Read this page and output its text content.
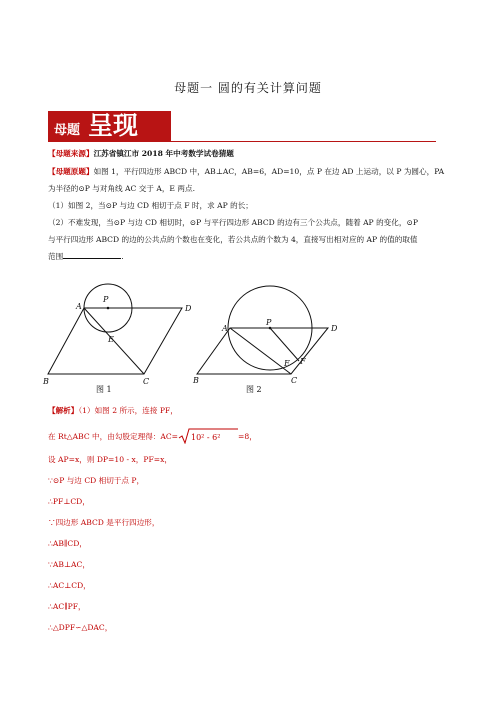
母题一 圆的有关计算问题
母题 呈现
【母题来源】江苏省镇江市 2018 年中考数学试卷猜题
【母题原题】如图 1，平行四边形 ABCD 中，AB⊥AC，AB=6，AD=10，点 P 在边 AD 上运动，以 P 为圆心，PA
为半径的⊙P 与对角线 AC 交于 A，E 两点.
（1）如图 2，当⊙P 与边 CD 相切于点 F 时，求 AP 的长；
（2）不难发现，当⊙P 与边 CD 相切时，⊙P 与平行四边形 ABCD 的边有三个公共点，随着 AP 的变化，⊙P
与平行四边形 ABCD 的边的公共点的个数也在变化，若公共点的个数为 4，直接写出相对应的 AP 的值的取值
范围	.
A
P
D
E
B	C
图 1
A
P
D
E F
B	C
图 2
【解析】（1）如图 2 所示，连接 PF，
在 Rt△ABC 中，由勾股定理得：AC= 10² - 6² =8，
设 AP=x，则 DP=10 - x，PF=x，
∵⊙P 与边 CD 相切于点 P，
∴PF⊥CD，
∵四边形 ABCD 是平行四边形，
∴AB∥CD，
∵AB⊥AC，
∴AC⊥CD，
∴AC∥PF，
∴△DPF∽△DAC，
